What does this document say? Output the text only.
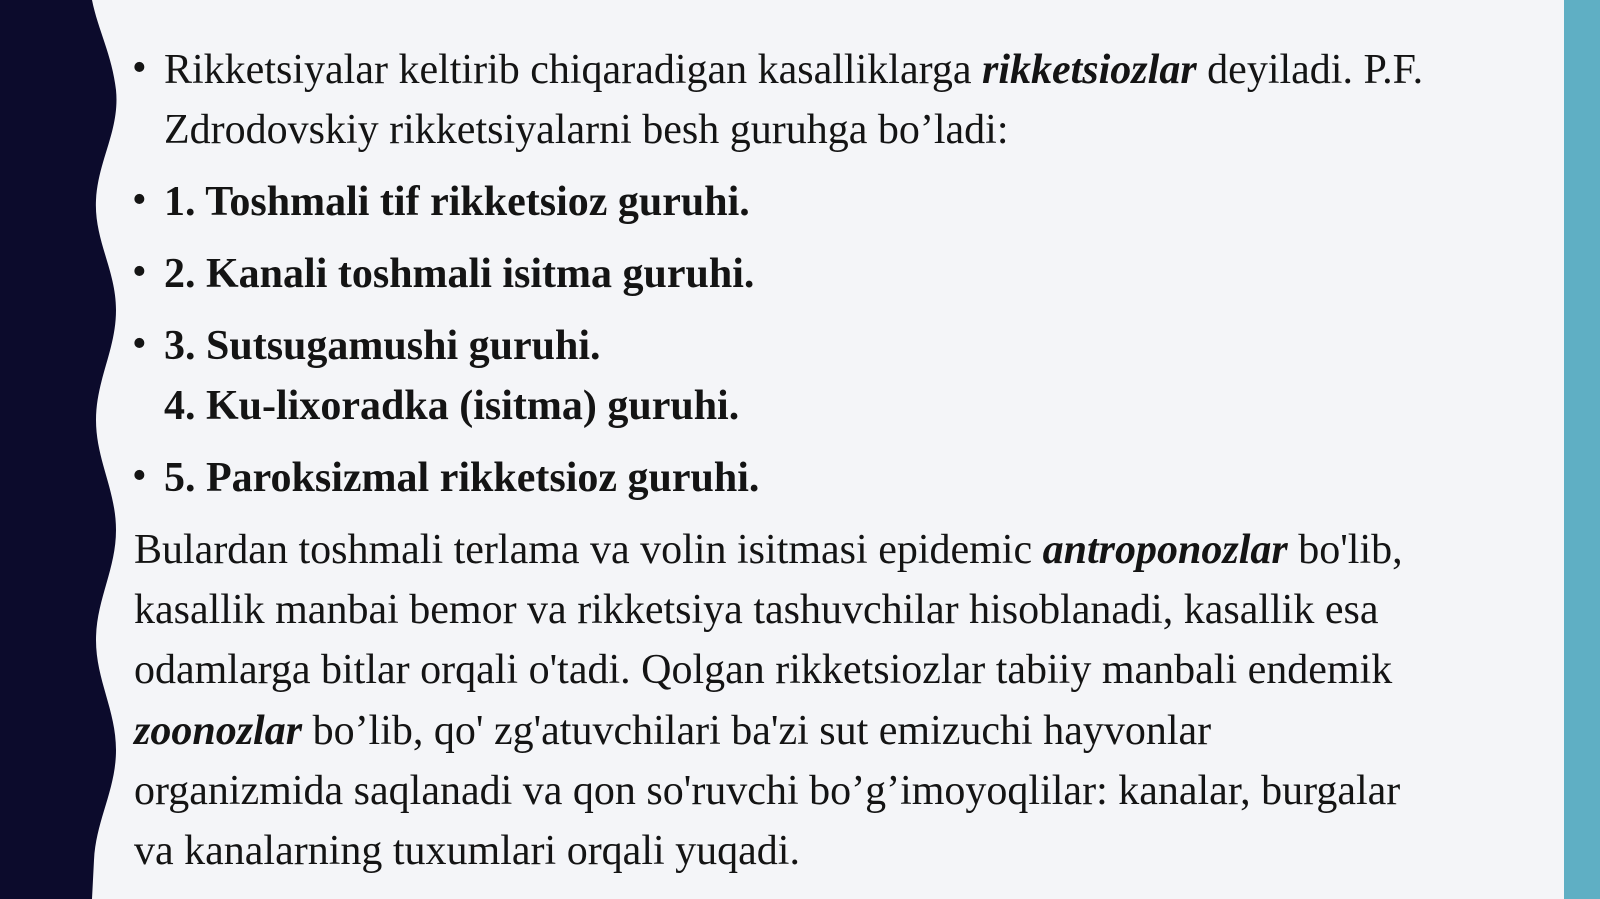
• Rikketsiyalar keltirib chiqaradigan kasalliklarga rikketsiozlar deyiladi. P.F.
Zdrodovskiy rikketsiyalarni besh guruhga bo’ladi:
• 1. Toshmali tif rikketsioz guruhi.
• 2. Kanali toshmali isitma guruhi.
• 3. Sutsugamushi guruhi.
4. Ku-lixoradka (isitma) guruhi.
• 5. Paroksizmal rikketsioz guruhi.
Bulardan toshmali terlama va volin isitmasi epidemic antroponozlar bo'lib,
kasallik manbai bemor va rikketsiya tashuvchilar hisoblanadi, kasallik esa
odamlarga bitlar orqali o'tadi. Qolgan rikketsiozlar tabiiy manbali endemik
zoonozlar bo’lib, qo' zg'atuvchilari ba'zi sut emizuchi hayvonlar
organizmida saqlanadi va qon so'ruvchi bo’g’imoyoqlilar: kanalar, burgalar
va kanalarning tuxumlari orqali yuqadi.
